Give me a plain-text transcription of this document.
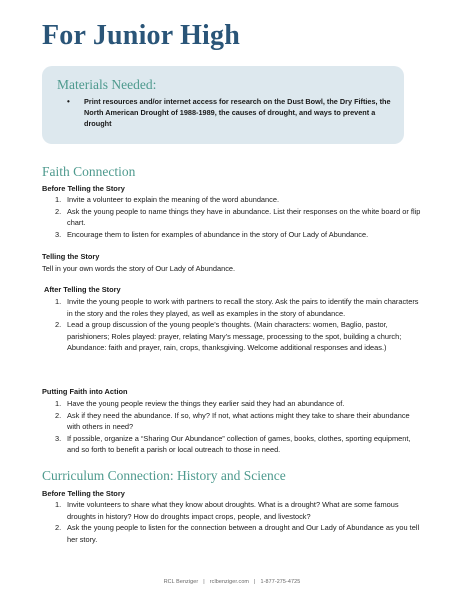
For Junior High
Materials Needed:
• Print resources and/or internet access for research on the Dust Bowl, the Dry Fifties, the North American Drought of 1988-1989, the causes of drought, and ways to prevent a drought
Faith Connection
Before Telling the Story
1. Invite a volunteer to explain the meaning of the word abundance.
2. Ask the young people to name things they have in abundance. List their responses on the white board or flip chart.
3. Encourage them to listen for examples of abundance in the story of Our Lady of Abundance.
Telling the Story
Tell in your own words the story of Our Lady of Abundance.
After Telling the Story
1. Invite the young people to work with partners to recall the story. Ask the pairs to identify the main characters in the story and the roles they played, as well as examples in the story of abundance.
2. Lead a group discussion of the young people’s thoughts. (Main characters: women, Baglio, pastor, parishioners; Roles played: prayer, relating Mary’s message, processing to the spot, building a church; Abundance: faith and prayer, rain, crops, thanksgiving. Welcome additional responses and ideas.)
Putting Faith into Action
1. Have the young people review the things they earlier said they had an abundance of.
2. Ask if they need the abundance. If so, why? If not, what actions might they take to share their abundance with others in need?
3. If possible, organize a “Sharing Our Abundance” collection of games, books, clothes, sporting equipment, and so forth to benefit a parish or local outreach to those in need.
Curriculum Connection: History and Science
Before Telling the Story
1. Invite volunteers to share what they know about droughts. What is a drought? What are some famous droughts in history? How do droughts impact crops, people, and livestock?
2. Ask the young people to listen for the connection between a drought and Our Lady of Abundance as you tell her story.
RCL Benziger | rclbenziger.com | 1-877-275-4725
